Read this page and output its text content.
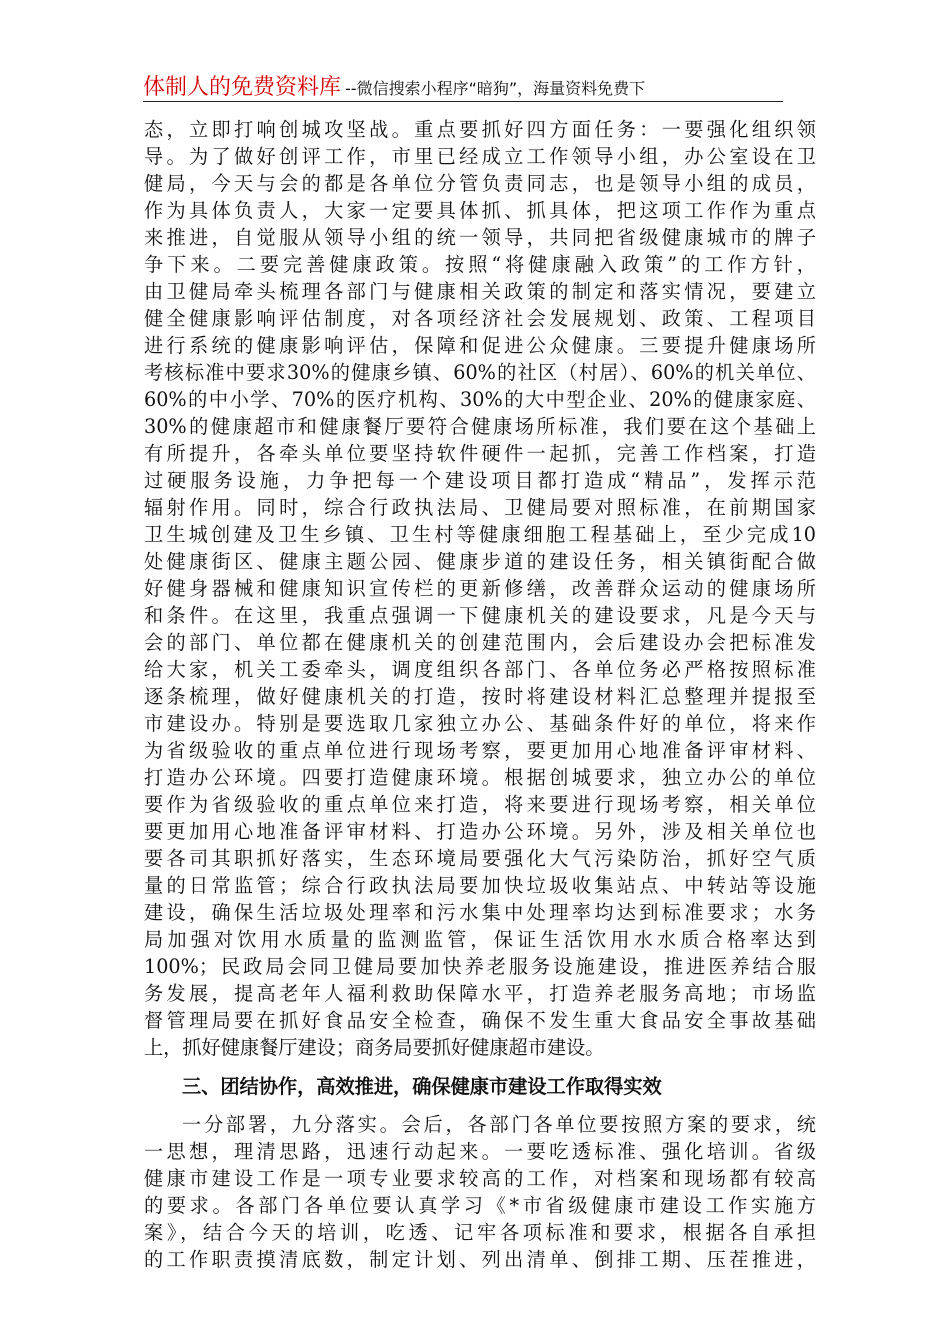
体制人的免费资料库 --微信搜索小程序“暗狗”，海量资料免费下
态，立即打响创城攻坚战。重点要抓好四方面任务：一要强化组织领
导。为了做好创评工作，市里已经成立工作领导小组，办公室设在卫
健局，今天与会的都是各单位分管负责同志，也是领导小组的成员，
作为具体负责人，大家一定要具体抓、抓具体，把这项工作作为重点
来推进，自觉服从领导小组的统一领导，共同把省级健康城市的牌子
争下来。二要完善健康政策。按照“将健康融入政策”的工作方针，
由卫健局牵头梳理各部门与健康相关政策的制定和落实情况，要建立
健全健康影响评估制度，对各项经济社会发展规划、政策、工程项目
进行系统的健康影响评估，保障和促进公众健康。三要提升健康场所
考核标准中要求30%的健康乡镇、60%的社区（村居）、60%的机关单位、
60%的中小学、70%的医疗机构、30%的大中型企业、20%的健康家庭、
30%的健康超市和健康餐厅要符合健康场所标准，我们要在这个基础上
有所提升，各牵头单位要坚持软件硬件一起抓，完善工作档案，打造
过硬服务设施，力争把每一个建设项目都打造成“精品”，发挥示范
辐射作用。同时，综合行政执法局、卫健局要对照标准，在前期国家
卫生城创建及卫生乡镇、卫生村等健康细胞工程基础上，至少完成10
处健康街区、健康主题公园、健康步道的建设任务，相关镇街配合做
好健身器械和健康知识宣传栏的更新修缮，改善群众运动的健康场所
和条件。在这里，我重点强调一下健康机关的建设要求，凡是今天与
会的部门、单位都在健康机关的创建范围内，会后建设办会把标准发
给大家，机关工委牵头，调度组织各部门、各单位务必严格按照标准
逐条梳理，做好健康机关的打造，按时将建设材料汇总整理并提报至
市建设办。特别是要选取几家独立办公、基础条件好的单位，将来作
为省级验收的重点单位进行现场考察，要更加用心地准备评审材料、
打造办公环境。四要打造健康环境。根据创城要求，独立办公的单位
要作为省级验收的重点单位来打造，将来要进行现场考察，相关单位
要更加用心地准备评审材料、打造办公环境。另外，涉及相关单位也
要各司其职抓好落实，生态环境局要强化大气污染防治，抓好空气质
量的日常监管；综合行政执法局要加快垃圾收集站点、中转站等设施
建设，确保生活垃圾处理率和污水集中处理率均达到标准要求；水务
局加强对饮用水质量的监测监管，保证生活饮用水水质合格率达到
100%；民政局会同卫健局要加快养老服务设施建设，推进医养结合服
务发展，提高老年人福利救助保障水平，打造养老服务高地；市场监
督管理局要在抓好食品安全检查，确保不发生重大食品安全事故基础
上，抓好健康餐厅建设；商务局要抓好健康超市建设。
三、团结协作，高效推进，确保健康市建设工作取得实效
一分部署，九分落实。会后，各部门各单位要按照方案的要求，统
一思想，理清思路，迅速行动起来。一要吃透标准、强化培训。省级
健康市建设工作是一项专业要求较高的工作，对档案和现场都有较高
的要求。各部门各单位要认真学习《*市省级健康市建设工作实施方
案》，结合今天的培训，吃透、记牢各项标准和要求，根据各自承担
的工作职责摸清底数，制定计划、列出清单、倒排工期、压茬推进，
